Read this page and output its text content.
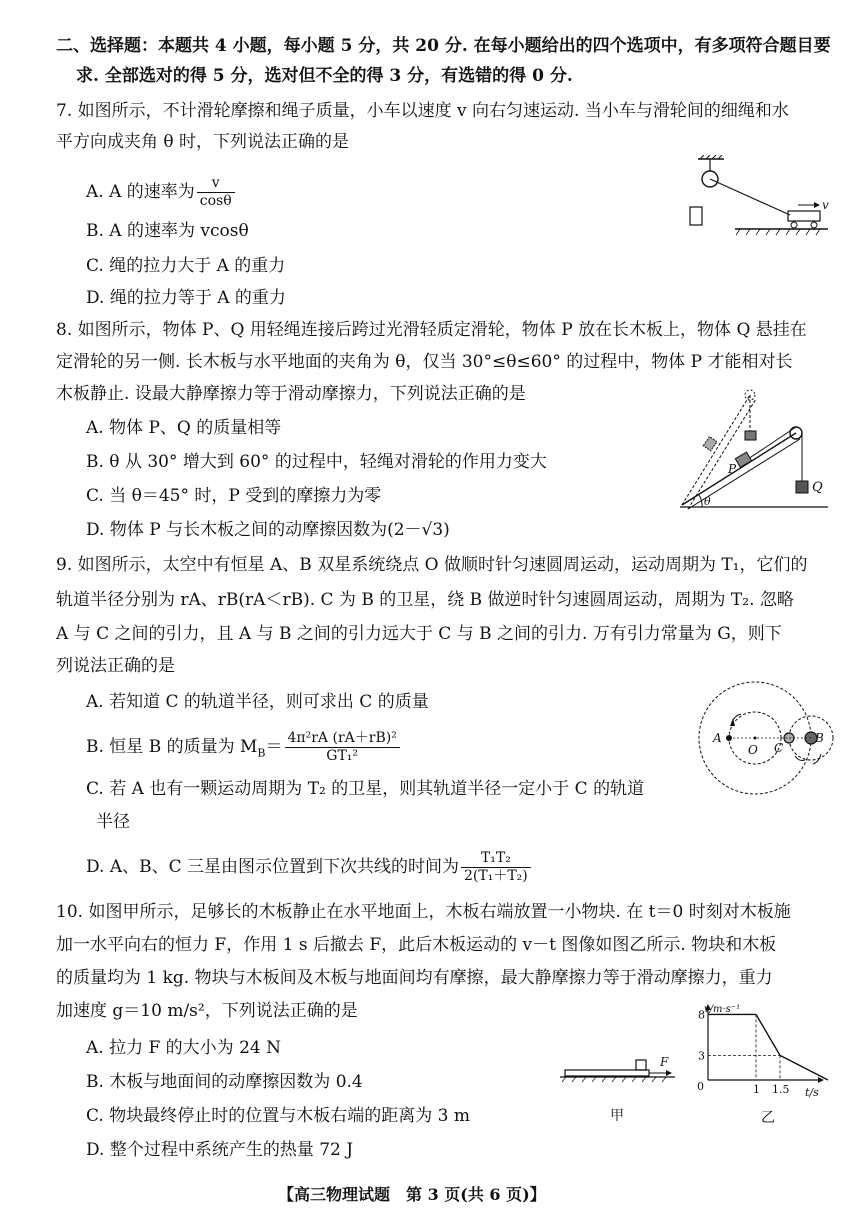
二、选择题：本题共 4 小题，每小题 5 分，共 20 分. 在每小题给出的四个选项中，有多项符合题目要
求. 全部选对的得 5 分，选对但不全的得 3 分，有选错的得 0 分.
7. 如图所示，不计滑轮摩擦和绳子质量，小车以速度 v 向右匀速运动. 当小车与滑轮间的细绳和水
平方向成夹角 θ 时，下列说法正确的是
A. A 的速率为 $\frac{v}{\cos\theta}$
B. A 的速率为 vcosθ
C. 绳的拉力大于 A 的重力
D. 绳的拉力等于 A 的重力
v
8. 如图所示，物体 P、Q 用轻绳连接后跨过光滑轻质定滑轮，物体 P 放在长木板上，物体 Q 悬挂在
定滑轮的另一侧. 长木板与水平地面的夹角为 θ，仅当 30°≤θ≤60° 的过程中，物体 P 才能相对长
木板静止. 设最大静摩擦力等于滑动摩擦力，下列说法正确的是
A. 物体 P、Q 的质量相等
B. θ 从 30° 增大到 60° 的过程中，轻绳对滑轮的作用力变大
C. 当 θ＝45° 时，P 受到的摩擦力为零
D. 物体 P 与长木板之间的动摩擦因数为(2－√3)
Q
P
θ
9. 如图所示，太空中有恒星 A、B 双星系统绕点 O 做顺时针匀速圆周运动，运动周期为 T₁，它们的
轨道半径分别为 rA、rB(rA＜rB). C 为 B 的卫星，绕 B 做逆时针匀速圆周运动，周期为 T₂. 忽略
A 与 C 之间的引力，且 A 与 B 之间的引力远大于 C 与 B 之间的引力. 万有引力常量为 G，则下
列说法正确的是
A. 若知道 C 的轨道半径，则可求出 C 的质量
B. 恒星 B 的质量为 $M_B= \frac{\text{4π²rA (rA＋rB)²}}{\text{GT₁²}}$
C. 若 A 也有一颗运动周期为 T₂ 的卫星，则其轨道半径一定小于 C 的轨道
半径
D. A、B、C 三星由图示位置到下次共线的时间为 $\frac{\text{T₁T₂}}{\text{2(T₁＋T₂)}}$
A
O C
B
10. 如图甲所示，足够长的木板静止在水平地面上，木板右端放置一小物块. 在 t＝0 时刻对木板施
加一水平向右的恒力 F，作用 1 s 后撤去 F，此后木板运动的 v－t 图像如图乙所示. 物块和木板
的质量均为 1 kg. 物块与木板间及木板与地面间均有摩擦，最大静摩擦力等于滑动摩擦力，重力
加速度 g＝10 m/s²，下列说法正确的是
A. 拉力 F 的大小为 24 N
B. 木板与地面间的动摩擦因数为 0.4
C. 物块最终停止时的位置与木板右端的距离为 3 m
D. 整个过程中系统产生的热量 72 J
F
甲
v/m·s⁻¹
t/s
0	1 1.5
3
8
乙
【高三物理试题　第 3 页(共 6 页)】
